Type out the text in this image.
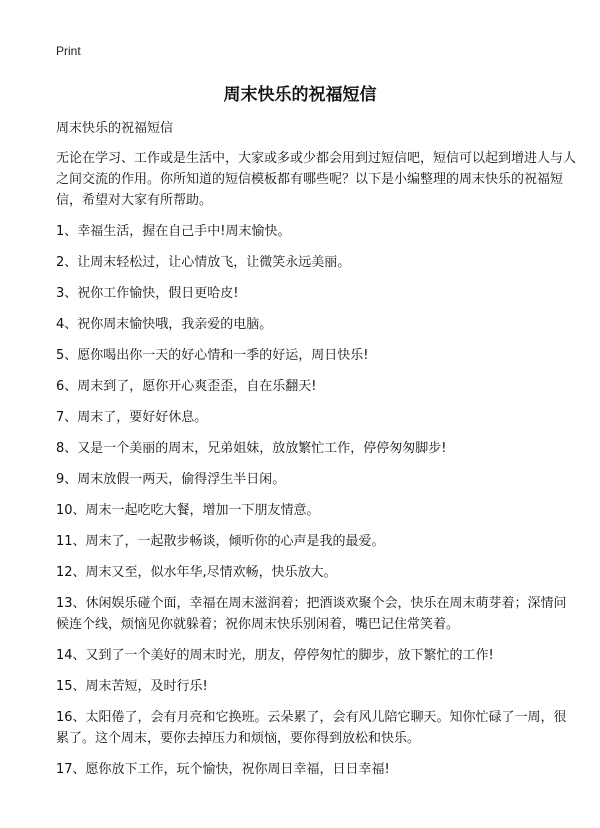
Print
周末快乐的祝福短信

周末快乐的祝福短信

无论在学习、工作或是生活中，大家或多或少都会用到过短信吧，短信可以起到增进人与人之间交流的作用。你所知道的短信模板都有哪些呢？以下是小编整理的周末快乐的祝福短信，希望对大家有所帮助。

1、幸福生活，握在自己手中!周末愉快。

2、让周末轻松过，让心情放飞，让微笑永远美丽。

3、祝你工作愉快，假日更哈皮!

4、祝你周末愉快哦，我亲爱的电脑。

5、愿你喝出你一天的好心情和一季的好运，周日快乐!

6、周末到了，愿你开心爽歪歪，自在乐翻天!

7、周末了，要好好休息。

8、又是一个美丽的周末，兄弟姐妹，放放繁忙工作，停停匆匆脚步!

9、周末放假一两天，偷得浮生半日闲。

10、周末一起吃吃大餐，增加一下朋友情意。

11、周末了，一起散步畅谈，倾听你的心声是我的最爱。

12、周末又至，似水年华,尽情欢畅，快乐放大。

13、休闲娱乐碰个面，幸福在周末滋润着；把酒谈欢聚个会，快乐在周末萌芽着；深情问候连个线，烦恼见你就躲着；祝你周末快乐别闲着，嘴巴记住常笑着。

14、又到了一个美好的周末时光，朋友，停停匆忙的脚步，放下繁忙的工作!

15、周末苦短，及时行乐!

16、太阳倦了，会有月亮和它换班。云朵累了，会有风儿陪它聊天。知你忙碌了一周，很累了。这个周末，要你去掉压力和烦恼，要你得到放松和快乐。

17、愿你放下工作，玩个愉快，祝你周日幸福，日日幸福!
